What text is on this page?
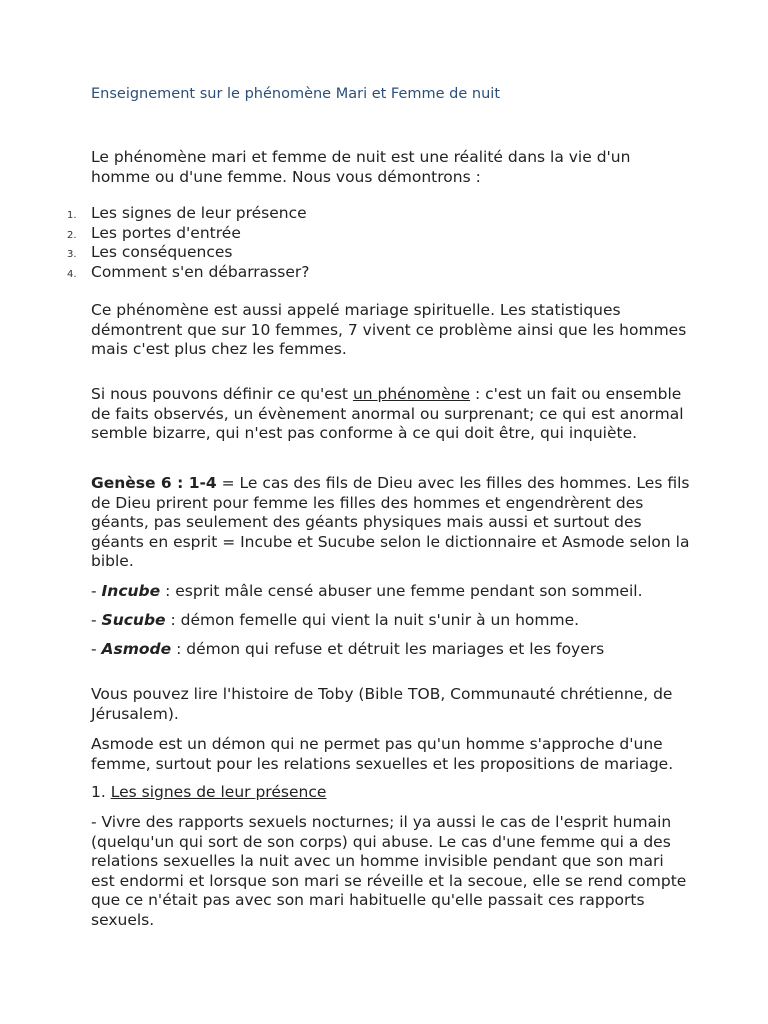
Enseignement sur le phénomène Mari et Femme de nuit
Le phénomène mari et femme de nuit est une réalité dans la vie d'un homme ou d'une femme. Nous vous démontrons :
1. Les signes de leur présence
2. Les portes d'entrée
3. Les conséquences
4. Comment s'en débarrasser?
Ce phénomène est aussi appelé mariage spirituelle. Les statistiques démontrent que sur 10 femmes, 7 vivent ce problème ainsi que les hommes mais c'est plus chez les femmes.
Si nous pouvons définir ce qu'est un phénomène : c'est un fait ou ensemble de faits observés, un évènement anormal ou surprenant; ce qui est anormal semble bizarre, qui n'est pas conforme à ce qui doit être, qui inquiète.
Genèse 6 : 1-4 = Le cas des fils de Dieu avec les filles des hommes. Les fils de Dieu prirent pour femme les filles des hommes et engendrèrent des géants, pas seulement des géants physiques mais aussi et surtout des géants en esprit = Incube et Sucube selon le dictionnaire et Asmode selon la bible.
- Incube : esprit mâle censé abuser une femme pendant son sommeil.
- Sucube : démon femelle qui vient la nuit s'unir à un homme.
- Asmode : démon qui refuse et détruit les mariages et les foyers
Vous pouvez lire l'histoire de Toby (Bible TOB, Communauté chrétienne, de Jérusalem).
Asmode est un démon qui ne permet pas qu'un homme s'approche d'une femme, surtout pour les relations sexuelles et les propositions de mariage.
1. Les signes de leur présence
- Vivre des rapports sexuels nocturnes; il ya aussi le cas de l'esprit humain (quelqu'un qui sort de son corps) qui abuse. Le cas d'une femme qui a des relations sexuelles la nuit avec un homme invisible pendant que son mari est endormi et lorsque son mari se réveille et la secoue, elle se rend compte que ce n'était pas avec son mari habituelle qu'elle passait ces rapports sexuels.
